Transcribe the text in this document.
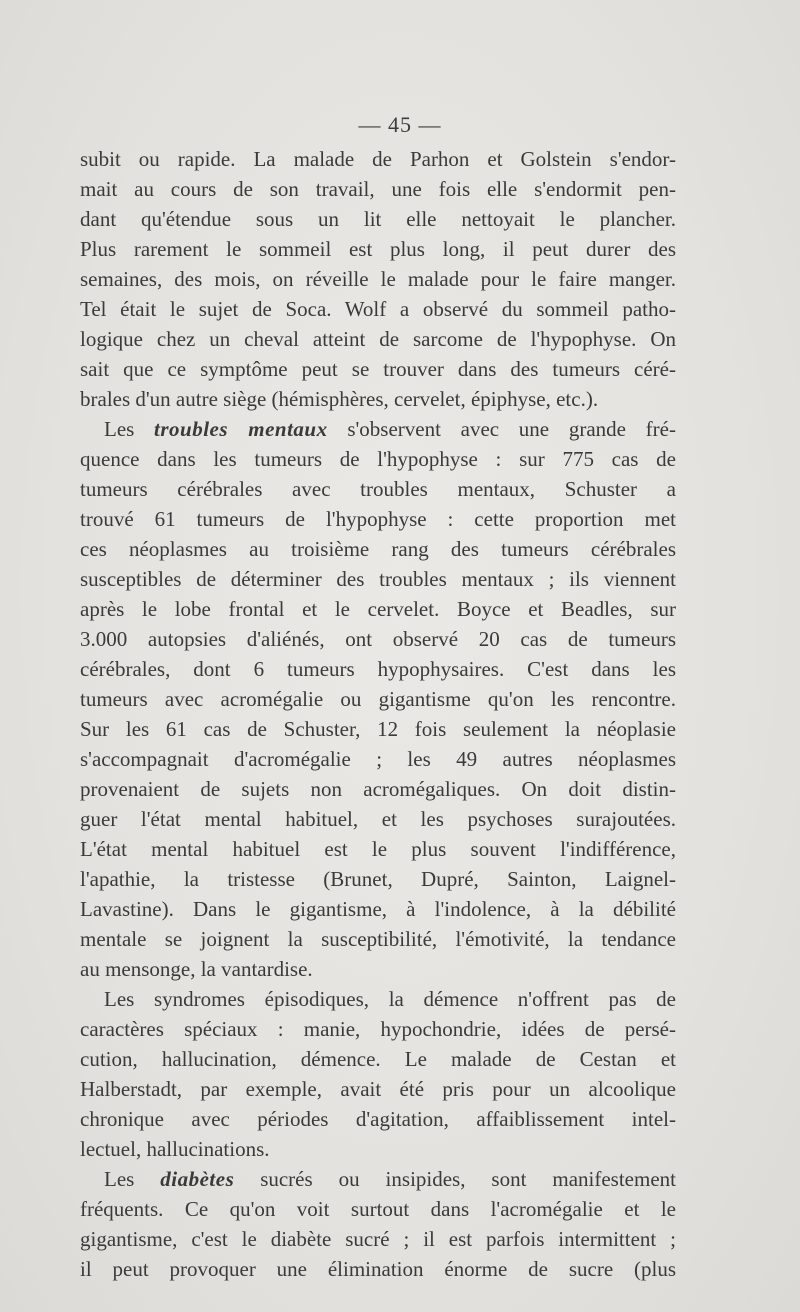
— 45 —
subit ou rapide. La malade de Parhon et Golstein s'endor-
mait au cours de son travail, une fois elle s'endormit pen-
dant qu'étendue sous un lit elle nettoyait le plancher.
Plus rarement le sommeil est plus long, il peut durer des
semaines, des mois, on réveille le malade pour le faire manger.
Tel était le sujet de Soca. Wolf a observé du sommeil patho-
logique chez un cheval atteint de sarcome de l'hypophyse. On
sait que ce symptôme peut se trouver dans des tumeurs céré-
brales d'un autre siège (hémisphères, cervelet, épiphyse, etc.).
Les troubles mentaux s'observent avec une grande fré-
quence dans les tumeurs de l'hypophyse : sur 775 cas de
tumeurs cérébrales avec troubles mentaux, Schuster a
trouvé 61 tumeurs de l'hypophyse : cette proportion met
ces néoplasmes au troisième rang des tumeurs cérébrales
susceptibles de déterminer des troubles mentaux ; ils viennent
après le lobe frontal et le cervelet. Boyce et Beadles, sur
3.000 autopsies d'aliénés, ont observé 20 cas de tumeurs
cérébrales, dont 6 tumeurs hypophysaires. C'est dans les
tumeurs avec acromégalie ou gigantisme qu'on les rencontre.
Sur les 61 cas de Schuster, 12 fois seulement la néoplasie
s'accompagnait d'acromégalie ; les 49 autres néoplasmes
provenaient de sujets non acromégaliques. On doit distin-
guer l'état mental habituel, et les psychoses surajoutées.
L'état mental habituel est le plus souvent l'indifférence,
l'apathie, la tristesse (Brunet, Dupré, Sainton, Laignel-
Lavastine). Dans le gigantisme, à l'indolence, à la débilité
mentale se joignent la susceptibilité, l'émotivité, la tendance
au mensonge, la vantardise.
Les syndromes épisodiques, la démence n'offrent pas de
caractères spéciaux : manie, hypochondrie, idées de persé-
cution, hallucination, démence. Le malade de Cestan et
Halberstadt, par exemple, avait été pris pour un alcoolique
chronique avec périodes d'agitation, affaiblissement intel-
lectuel, hallucinations.
Les diabètes sucrés ou insipides, sont manifestement
fréquents. Ce qu'on voit surtout dans l'acromégalie et le
gigantisme, c'est le diabète sucré ; il est parfois intermittent ;
il peut provoquer une élimination énorme de sucre (plus
